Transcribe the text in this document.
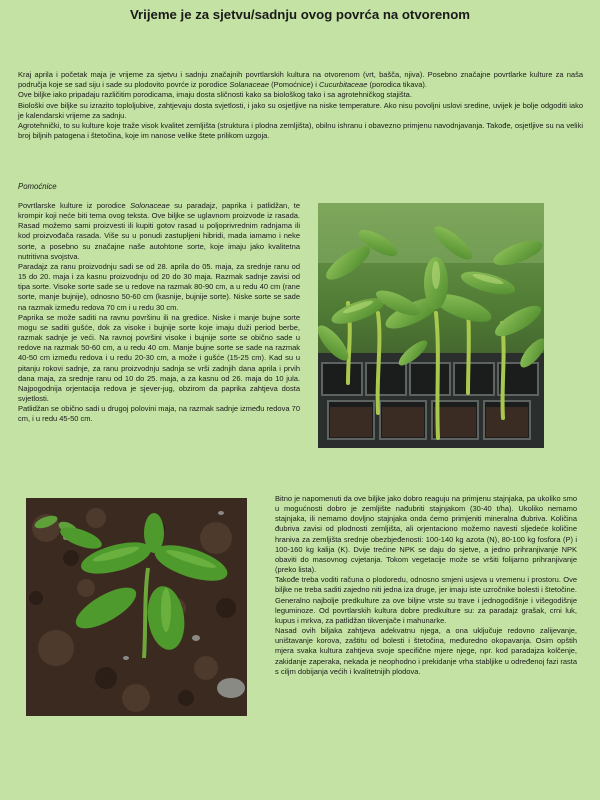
Vrijeme je za sjetvu/sadnju ovog povrća na otvorenom

Kraj aprila i početak maja je vrijeme za sjetvu i sadnju značajnih povrtlarskih kultura na otvorenom (vrt, bašča, njiva). Posebno značajne povrtlarke kulture za naša područja koje se sad siju i sade su plodovito povrće iz porodice Solanaceae (Pomoćnice) i Cucurbitaceae (porodica tikava).

Ove biljke iako pripadaju različitim porodicama, imaju dosta sličnosti kako sa biološkog tako i sa agrotehničkog stajišta.

Biološki ove biljke su izrazito toploljubive, zahtjevaju dosta svjetlosti, i jako su osjetljive na niske temperature. Ako nisu povoljni uslovi sredine, uvijek je bolje odgoditi iako je kalendarski vrijeme za sadnju.

Agrotehnički, to su kulture koje traže visok kvalitet zemljišta (struktura i plodna zemljišta), obilnu ishranu i obavezno primjenu navodnjavanja. Takođe, osjetljive su na veliki broj biljnih patogena i štetočina, koje im nanose velike štete prilikom uzgoja.

Pomoćnice

Povrtlarske kulture iz porodice Solonaceae su paradajz, paprika i patlidžan, te krompir koji neće biti tema ovog teksta. Ove biljke se uglavnom proizvode iz rasada. Rasad možemo sami proizvesti ili kupiti gotov rasad u poljoprivrednim radnjama ili kod proizvođača rasada. Više su u ponudi zastupljeni hibridi, mada iamamo i neke sorte, a posebno su značajne naše autohtone sorte, koje imaju jako kvalitetna nutritivna svojstva.

Paradajz za ranu proizvodnju sadi se od 28. aprila do 05. maja, za srednje ranu od 15 do 20. maja i za kasnu proizvodnju od 20 do 30 maja. Razmak sadnje zavisi od tipa sorte. Visoke sorte sade se u redove na razmak 80-90 cm, a u redu 40 cm (rane sorte, manje bujnije), odnosno 50-60 cm (kasnije, bujnije sorte). Niske sorte se sade na razmak između redova 70 cm i u redu 30 cm.

Paprika se može saditi na ravnu površinu ili na gredice. Niske i manje bujne sorte mogu se saditi gušće, dok za visoke i bujnije sorte koje imaju duži period berbe, razmak sadnje je veći. Na ravnoj površini visoke i bujnije sorte se obično sade u redove na razmak 50-60 cm, a u redu 40 cm. Manje bujne sorte se sade na razmak 40-50 cm između redova i u redu 20-30 cm, a može i gušće (15-25 cm). Kad su u pitanju rokovi sadnje, za ranu proizvodnju sadnja se vrši zadnjih dana aprila i prvih dana maja, za srednje ranu od 10 do 25. maja, a za kasnu od 26. maja do 10 jula. Najpogodnija orjentacija redova je sjever-jug, obzirom da paprika zahtjeva dosta svjetlosti.

Patlidžan se obično sadi u drugoj polovini maja, na razmak sadnje između redova 70 cm, i u redu 45-50 cm.

Bitno je napomenuti da ove biljke jako dobro reaguju na primjenu stajnjaka, pa ukoliko smo u mogućnosti dobro je zemljište nađubriti stajnjakom (30-40 t/ha). Ukoliko nemamo stajnjaka, ili nemamo dovljno stajnjaka onda ćemo primjeniti mineralna đubriva. Količina đubriva zavisi od plodnosti zemljišta, ali orjentaciono možemo navesti sljedeće količine hraniva za zemljišta srednje obezbjeđenosti: 100-140 kg azota (N), 80-100 kg fosfora (P) i 100-160 kg kalija (K). Dvije trećine NPK se daju do sjetve, a jedno prihranjivanje NPK obaviti do masovnog cvjetanja. Tokom vegetacije može se vršiti folijarno prihranjivanje (preko lista).

Takođe treba voditi računa o plodoredu, odnosno smjeni usjeva u vremenu i prostoru. Ove biljke ne treba saditi zajedno niti jedna iza druge, jer imaju iste uzročnike bolesti i štetočine. Generalno najbolje predkulture za ove biljne vrste su trave i jednogodišnje i višegodišnje leguminoze. Od povrtlarskih kultura dobre predkulture su: za paradajz grašak, crni luk, kupus i mrkva, za patlidžan tikvenjače i mahunarke.

Nasad ovih biljaka zahtjeva adekvatnu njega, a ona uključuje redovno zalijevanje, uništavanje korova, zaštitu od bolesti i štetočina, međuredno okopavanja. Osim opštih mjera svaka kultura zahtjeva svoje specifične mjere njege, npr. kod paradajza kolčenje, zakidanje zaperaka, nekada je neophodno i prekidanje vrha stabljike u određenoj fazi rasta s ciljm dobijanja većih i kvalitetnijih plodova.
